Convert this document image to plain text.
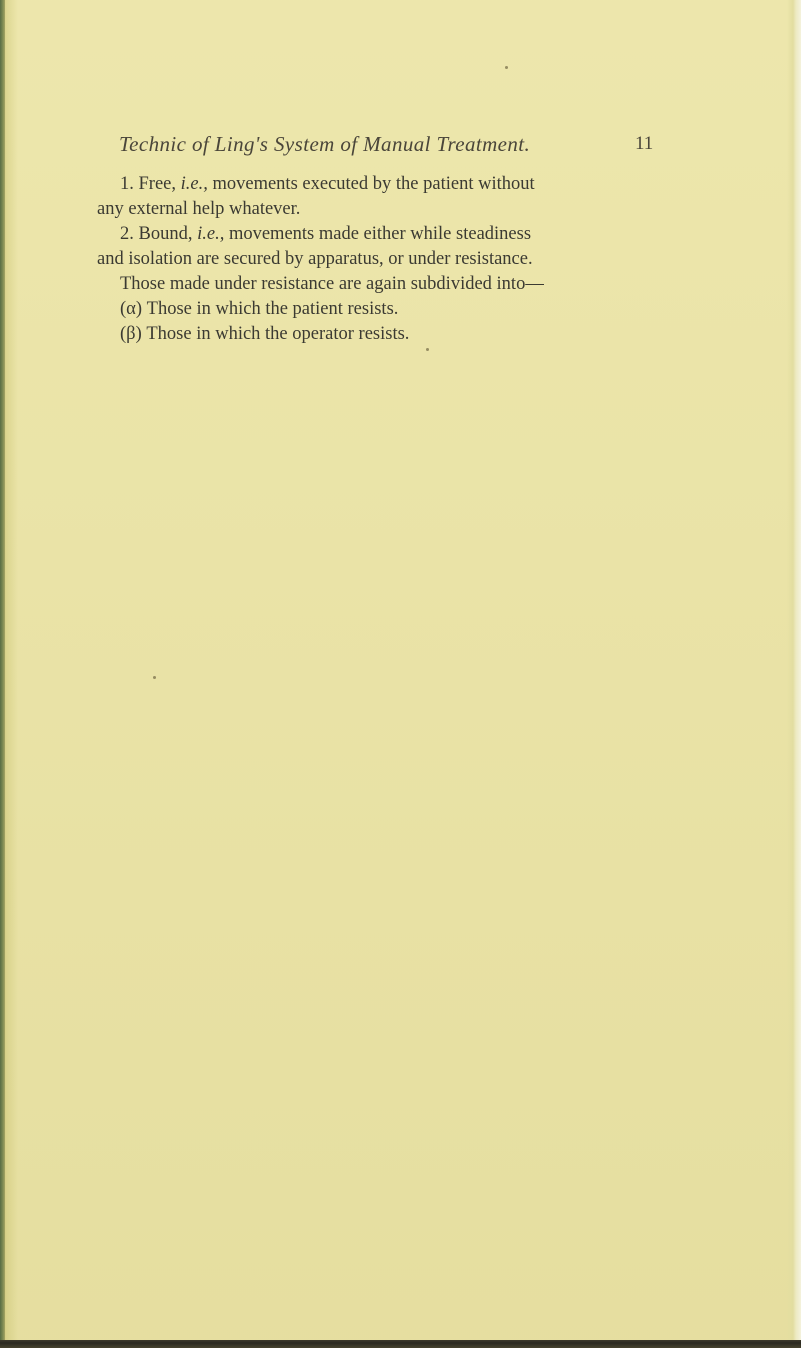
Technic of Ling's System of Manual Treatment.	11
1. Free, i.e., movements executed by the patient without
any external help whatever.
2. Bound, i.e., movements made either while steadiness
and isolation are secured by apparatus, or under resistance.
Those made under resistance are again subdivided into—
(α) Those in which the patient resists.
(β) Those in which the operator resists.
